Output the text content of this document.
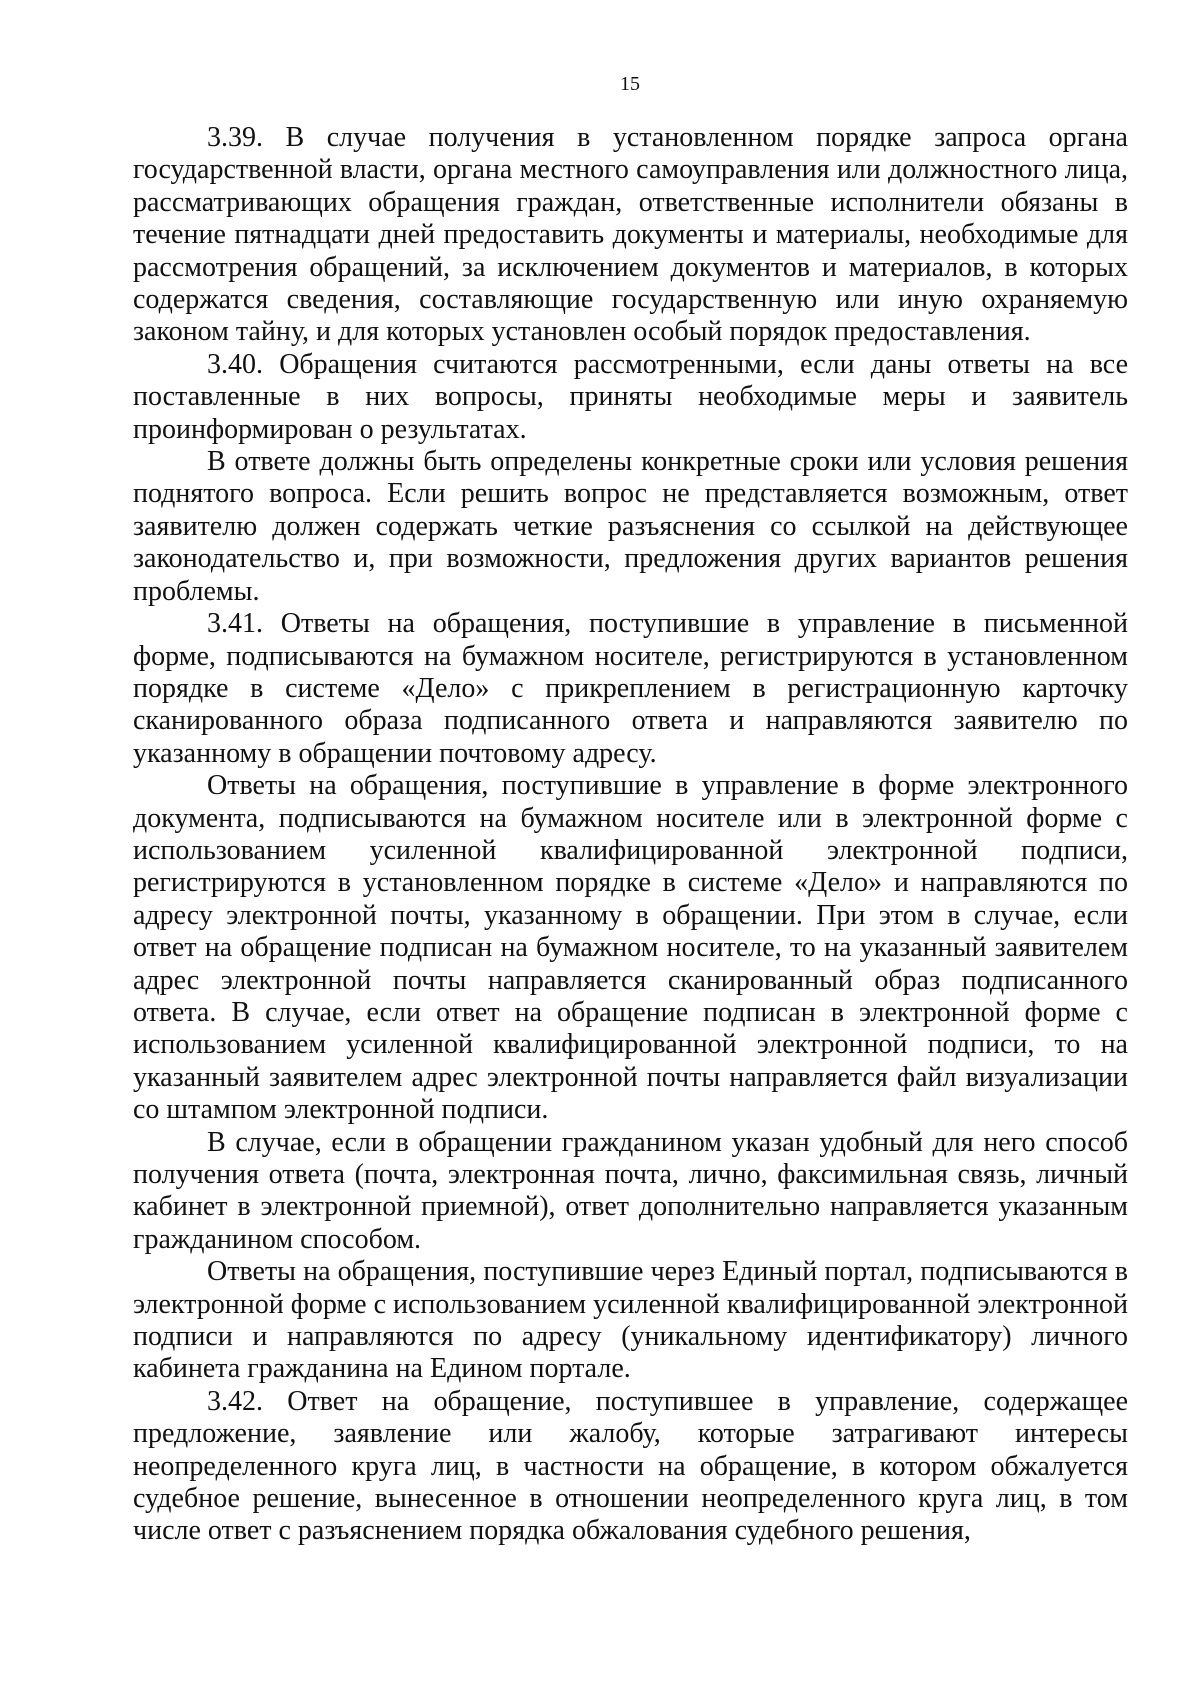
15

3.39. В случае получения в установленном порядке запроса органа государственной власти, органа местного самоуправления или должностного лица, рассматривающих обращения граждан, ответственные исполнители обязаны в течение пятнадцати дней предоставить документы и материалы, необходимые для рассмотрения обращений, за исключением документов и материалов, в которых содержатся сведения, составляющие государственную или иную охраняемую законом тайну, и для которых установлен особый порядок предоставления.

3.40. Обращения считаются рассмотренными, если даны ответы на все поставленные в них вопросы, приняты необходимые меры и заявитель проинформирован о результатах.

В ответе должны быть определены конкретные сроки или условия решения поднятого вопроса. Если решить вопрос не представляется возможным, ответ заявителю должен содержать четкие разъяснения со ссылкой на действующее законодательство и, при возможности, предложения других вариантов решения проблемы.

3.41. Ответы на обращения, поступившие в управление в письменной форме, подписываются на бумажном носителе, регистрируются в установленном порядке в системе «Дело» с прикреплением в регистрационную карточку сканированного образа подписанного ответа и направляются заявителю по указанному в обращении почтовому адресу.

Ответы на обращения, поступившие в управление в форме электронного документа, подписываются на бумажном носителе или в электронной форме с использованием усиленной квалифицированной электронной подписи, регистрируются в установленном порядке в системе «Дело» и направляются по адресу электронной почты, указанному в обращении. При этом в случае, если ответ на обращение подписан на бумажном носителе, то на указанный заявителем адрес электронной почты направляется сканированный образ подписанного ответа. В случае, если ответ на обращение подписан в электронной форме с использованием усиленной квалифицированной электронной подписи, то на указанный заявителем адрес электронной почты направляется файл визуализации со штампом электронной подписи.

В случае, если в обращении гражданином указан удобный для него способ получения ответа (почта, электронная почта, лично, факсимильная связь, личный кабинет в электронной приемной), ответ дополнительно направляется указанным гражданином способом.

Ответы на обращения, поступившие через Единый портал, подписываются в электронной форме с использованием усиленной квалифицированной электронной подписи и направляются по адресу (уникальному идентификатору) личного кабинета гражданина на Едином портале.

3.42. Ответ на обращение, поступившее в управление, содержащее предложение, заявление или жалобу, которые затрагивают интересы неопределенного круга лиц, в частности на обращение, в котором обжалуется судебное решение, вынесенное в отношении неопределенного круга лиц, в том числе ответ с разъяснением порядка обжалования судебного решения,
